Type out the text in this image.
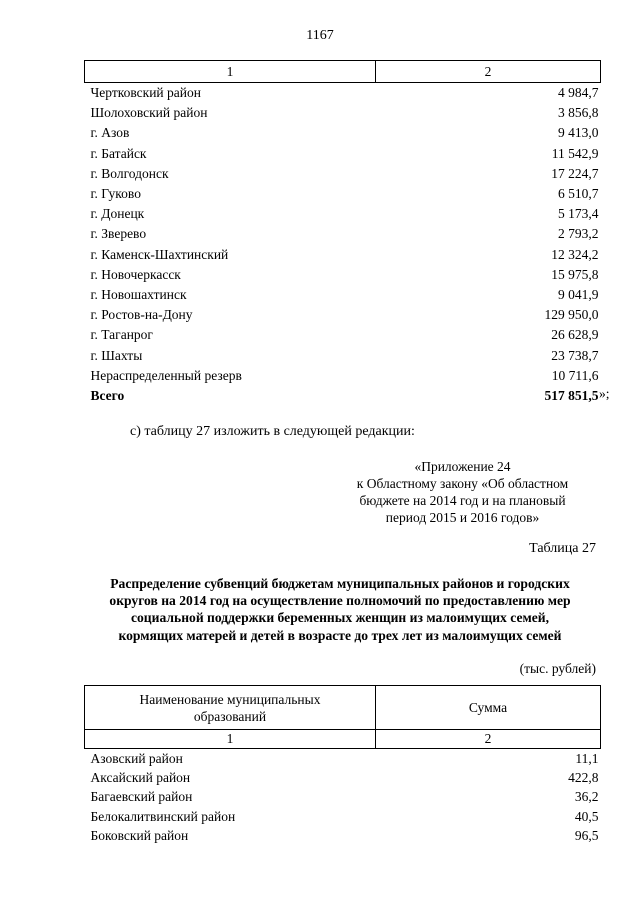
1167
1	2
Чертковский район	4 984,7
Шолоховский район	3 856,8
г. Азов	9 413,0
г. Батайск	11 542,9
г. Волгодонск	17 224,7
г. Гуково	6 510,7
г. Донецк	5 173,4
г. Зверево	2 793,2
г. Каменск-Шахтинский	12 324,2
г. Новочеркасск	15 975,8
г. Новошахтинск	9 041,9
г. Ростов-на-Дону	129 950,0
г. Таганрог	26 628,9
г. Шахты	23 738,7
Нераспределенный резерв	10 711,6
Всего	517 851,5 »;
с) таблицу 27 изложить в следующей редакции:
«Приложение 24
к Областному закону «Об областном
бюджете на 2014 год и на плановый
период 2015 и 2016 годов»
Таблица 27
Распределение субвенций бюджетам муниципальных районов и городских
округов на 2014 год на осуществление полномочий по предоставлению мер
социальной поддержки беременных женщин из малоимущих семей,
кормящих матерей и детей в возрасте до трех лет из малоимущих семей
(тыс. рублей)
Наименование муниципальных
образований	Сумма
1	2
Азовский район	11,1
Аксайский район	422,8
Багаевский район	36,2
Белокалитвинский район	40,5
Боковский район	96,5
